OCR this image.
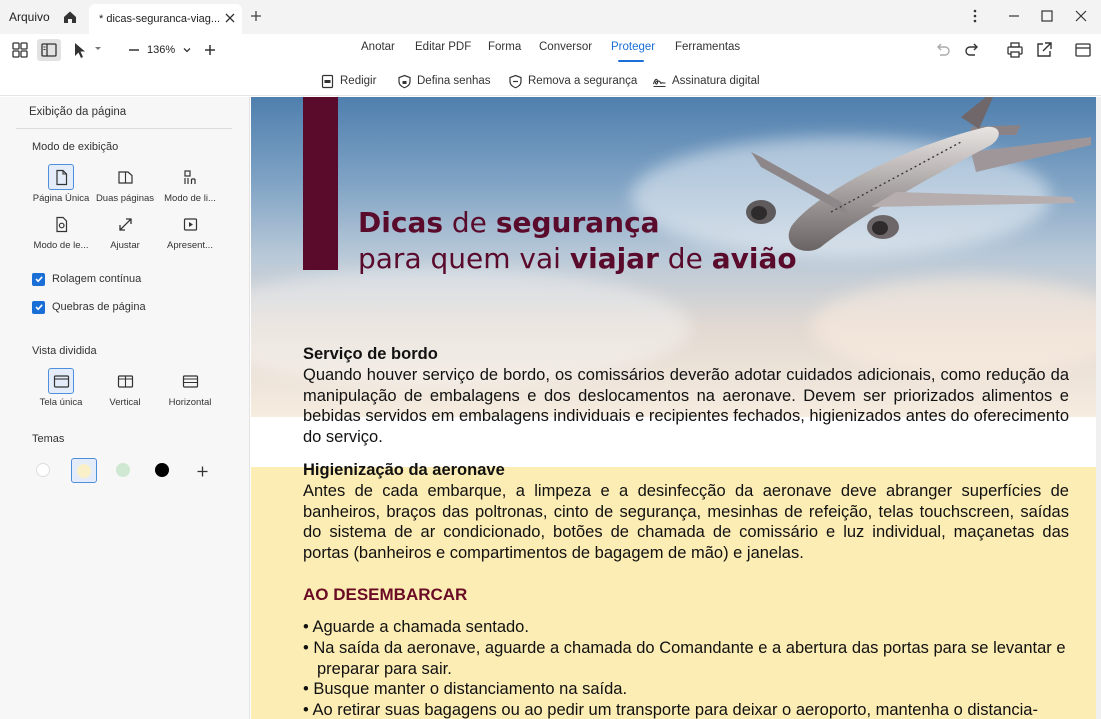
Arquivo	* dicas-seguranca-viag...
136%	Anotar Editar PDF Forma Conversor Proteger Ferramentas
Redigir	Defina senhas	Remova a segurança	Assinatura digital
Exibição da página
Modo de exibição
Página Única Duas páginas	Modo de li...
Modo de le...	Ajustar	Apresent...
Rolagem contínua
Quebras de página
Vista dividida
Tela única	Vertical	Horizontal
Temas
Dicas de segurança
para quem vai viajar de avião
Serviço de bordo

Quando houver serviço de bordo, os comissários deverão adotar cuidados adicionais, como redução da manipulação de embalagens e dos deslocamentos na aeronave. Devem ser priorizados alimentos e bebidas servidos em embalagens individuais e recipientes fechados, higienizados antes do oferecimento do serviço.

Higienização da aeronave

Antes de cada embarque, a limpeza e a desinfecção da aeronave deve abranger superfícies de banheiros, braços das poltronas, cinto de segurança, mesinhas de refeição, telas touchscreen, saídas do sistema de ar condicionado, botões de chamada de comissário e luz individual, maçanetas das portas (banheiros e compartimentos de bagagem de mão) e janelas.

AO DESEMBARCAR
• Aguarde a chamada sentado.
• Na saída da aeronave, aguarde a chamada do Comandante e a abertura das portas para se levantar e preparar para sair.
• Busque manter o distanciamento na saída.
• Ao retirar suas bagagens ou ao pedir um transporte para deixar o aeroporto, mantenha o distancia-
